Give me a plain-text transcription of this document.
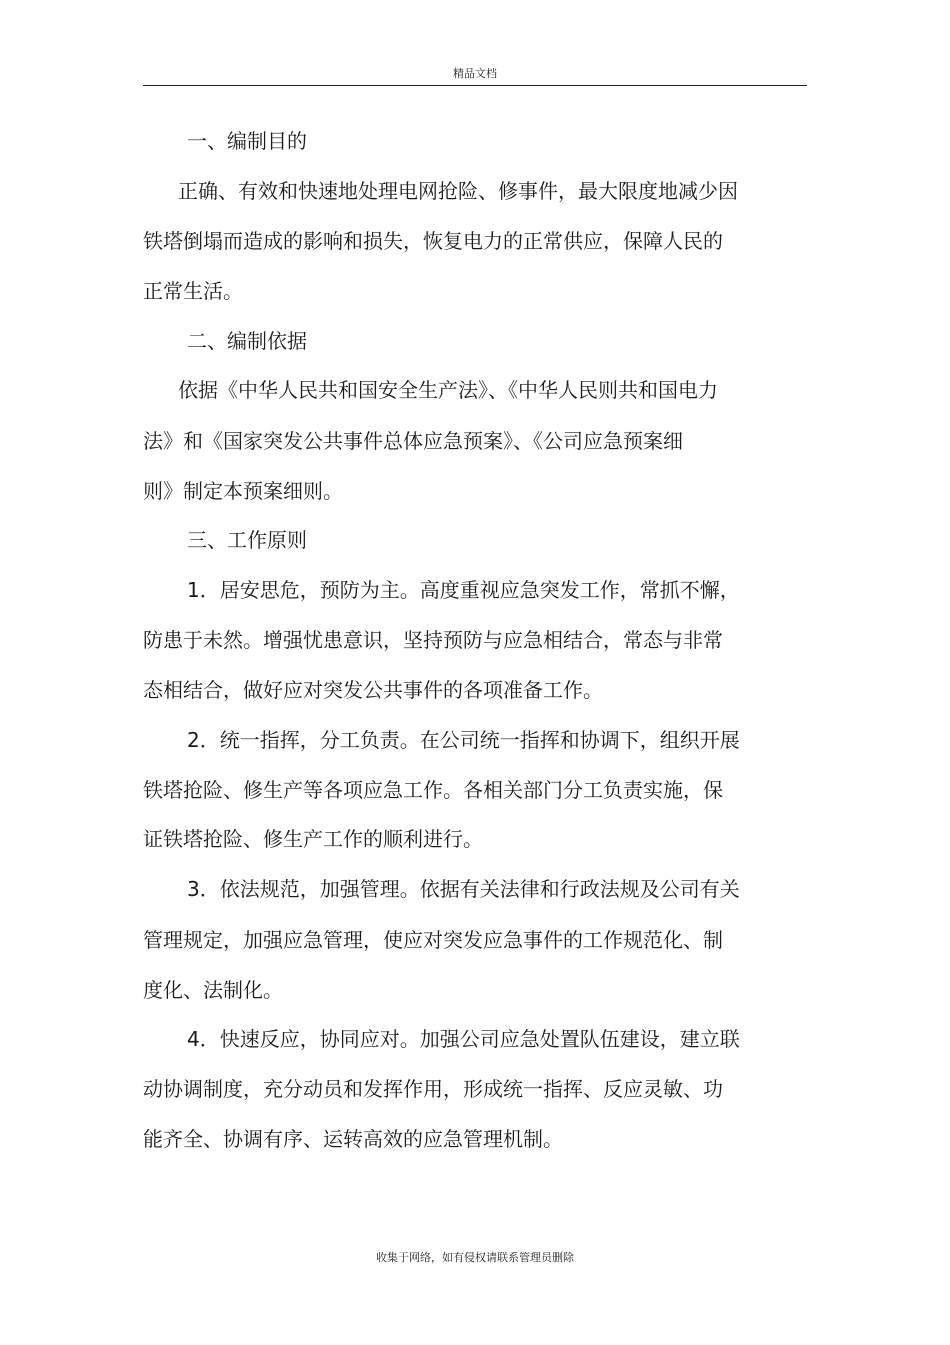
精品文档
一、编制目的
正确、有效和快速地处理电网抢险、修事件，最大限度地减少因
铁塔倒塌而造成的影响和损失，恢复电力的正常供应，保障人民的
正常生活。
二、编制依据
依据《中华人民共和国安全生产法》、《中华人民则共和国电力
法》和《国家突发公共事件总体应急预案》、《公司应急预案细
则》制定本预案细则。
三、工作原则
1．居安思危，预防为主。高度重视应急突发工作，常抓不懈，
防患于未然。增强忧患意识，坚持预防与应急相结合，常态与非常
态相结合，做好应对突发公共事件的各项准备工作。
2．统一指挥，分工负责。在公司统一指挥和协调下，组织开展
铁塔抢险、修生产等各项应急工作。各相关部门分工负责实施，保
证铁塔抢险、修生产工作的顺利进行。
3．依法规范，加强管理。依据有关法律和行政法规及公司有关
管理规定，加强应急管理，使应对突发应急事件的工作规范化、制
度化、法制化。
4．快速反应，协同应对。加强公司应急处置队伍建设，建立联
动协调制度，充分动员和发挥作用，形成统一指挥、反应灵敏、功
能齐全、协调有序、运转高效的应急管理机制。
收集于网络，如有侵权请联系管理员删除
